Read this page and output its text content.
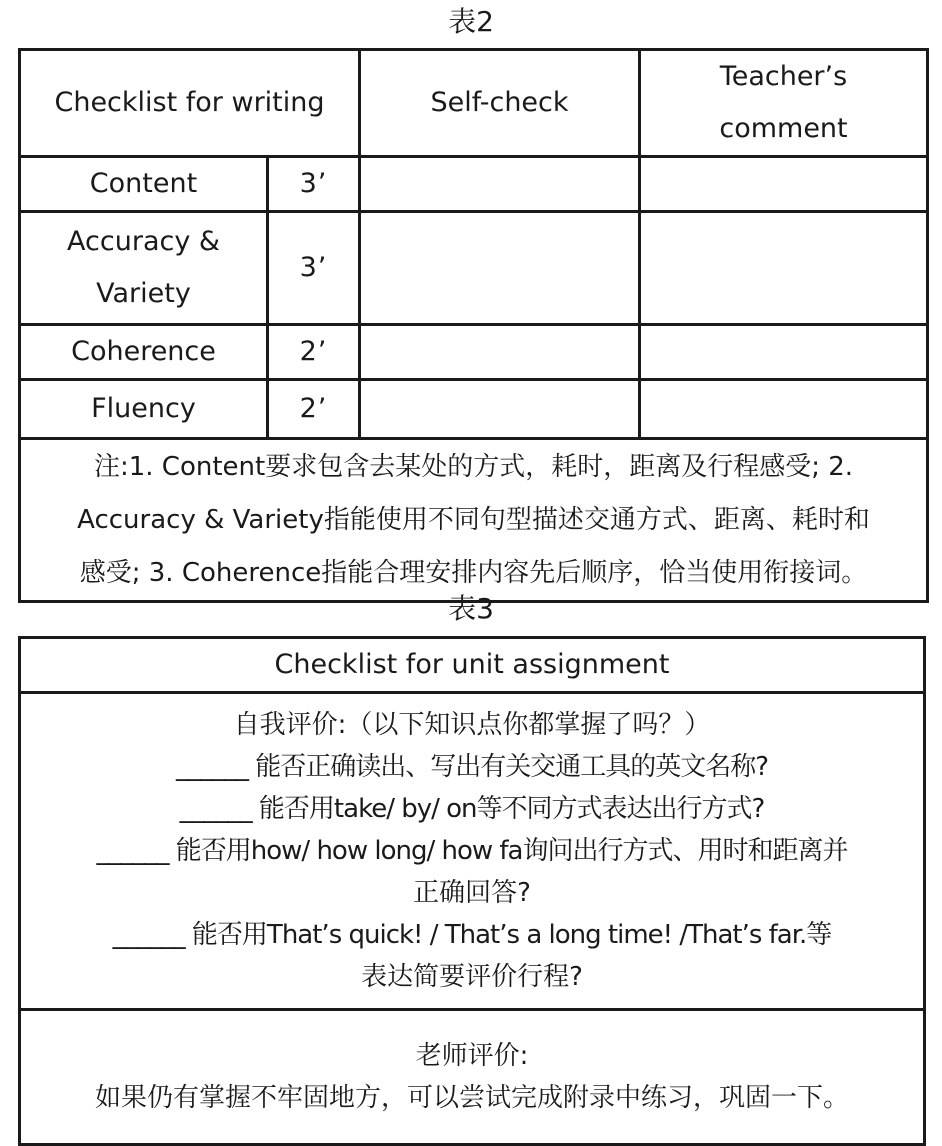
表2
Checklist for writing		Self-check	Teacher’s
comment

Content	3’		

Accuracy &
Variety	3’		
Coherence	2’		
Fluency	2’		

注:1. Content要求包含去某处的方式，耗时，距离及行程感受; 2.
Accuracy & Variety指能使用不同句型描述交通方式、距离、耗时和
感受; 3. Coherence指能合理安排内容先后顺序，恰当使用衔接词。			
表3
Checklist for unit assignment

自我评价:（以下知识点你都掌握了吗？）
______ 能否正确读出、写出有关交通工具的英文名称?
______ 能否用take/ by/ on等不同方式表达出行方式?
______ 能否用how/ how long/ how fa询问出行方式、用时和距离并
正确回答?
______ 能否用That’s quick! / That’s a long time! /That’s far.等
表达简要评价行程?

老师评价:
如果仍有掌握不牢固地方，可以尝试完成附录中练习，巩固一下。
